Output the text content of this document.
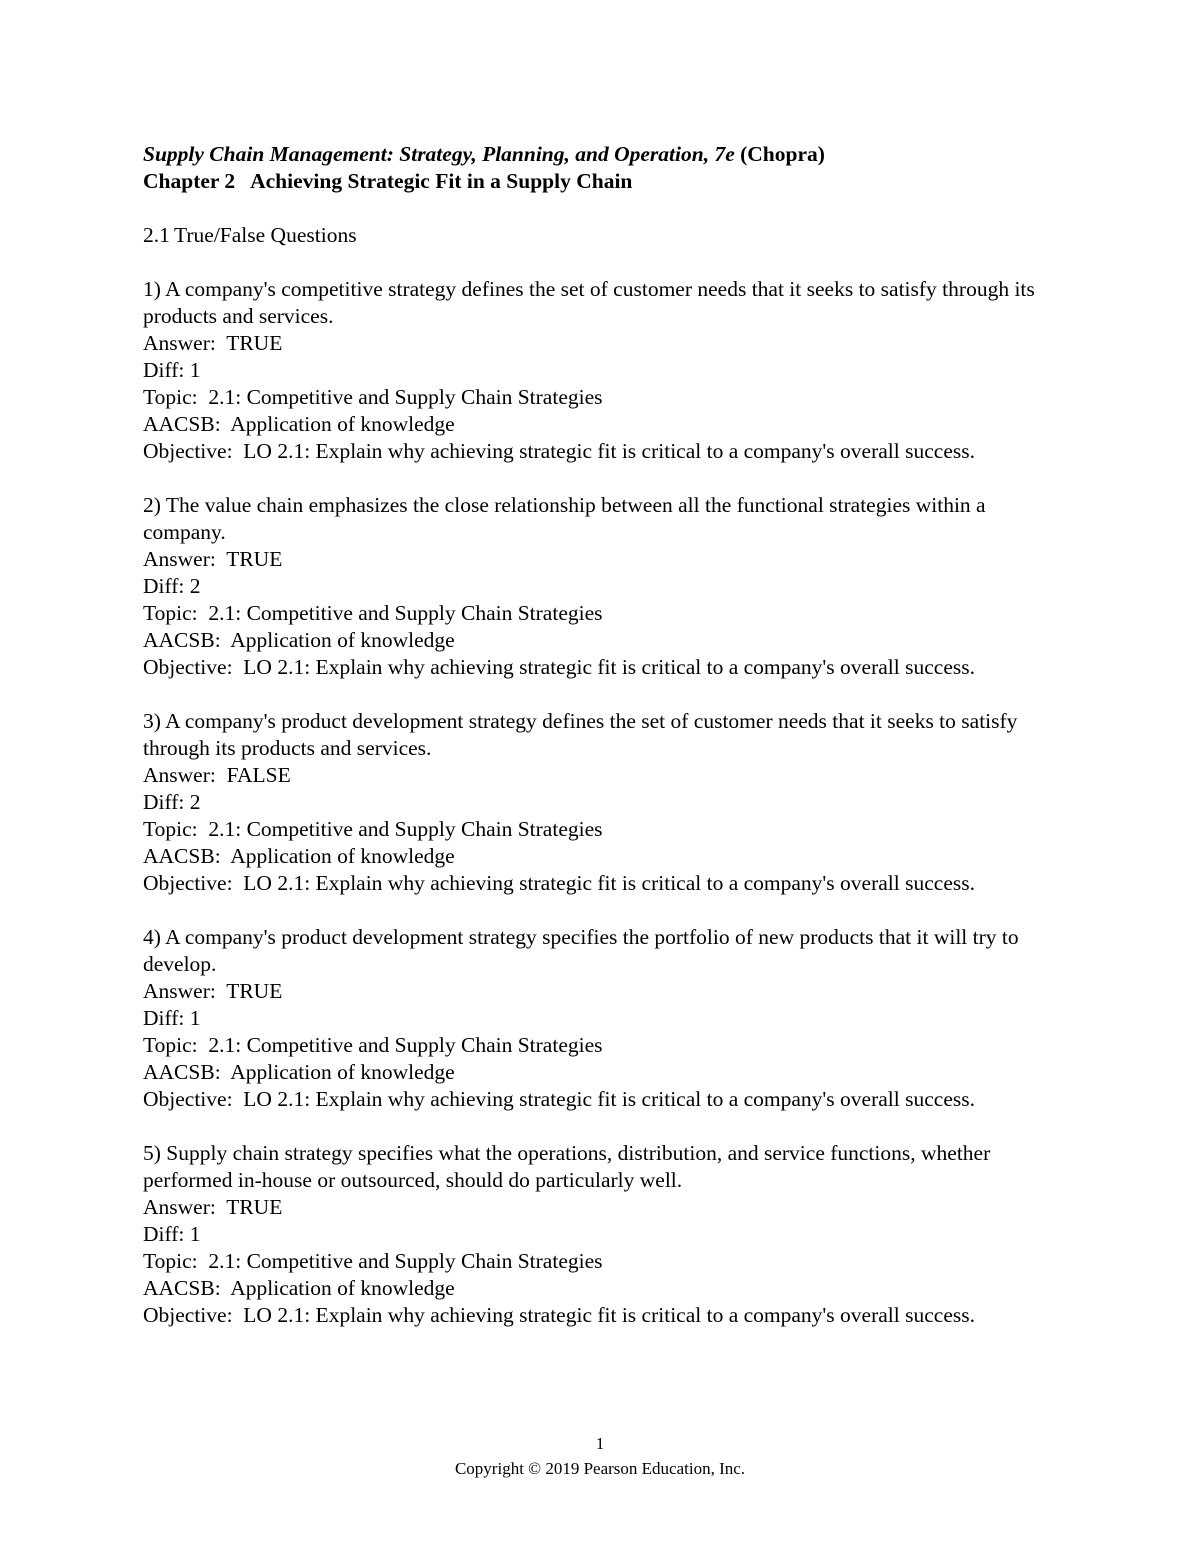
Supply Chain Management: Strategy, Planning, and Operation, 7e (Chopra)
Chapter 2   Achieving Strategic Fit in a Supply Chain
2.1 True/False Questions
1) A company's competitive strategy defines the set of customer needs that it seeks to satisfy through its products and services.
Answer:  TRUE
Diff: 1
Topic:  2.1: Competitive and Supply Chain Strategies
AACSB:  Application of knowledge
Objective:  LO 2.1: Explain why achieving strategic fit is critical to a company's overall success.
2) The value chain emphasizes the close relationship between all the functional strategies within a company.
Answer:  TRUE
Diff: 2
Topic:  2.1: Competitive and Supply Chain Strategies
AACSB:  Application of knowledge
Objective:  LO 2.1: Explain why achieving strategic fit is critical to a company's overall success.
3) A company's product development strategy defines the set of customer needs that it seeks to satisfy through its products and services.
Answer:  FALSE
Diff: 2
Topic:  2.1: Competitive and Supply Chain Strategies
AACSB:  Application of knowledge
Objective:  LO 2.1: Explain why achieving strategic fit is critical to a company's overall success.
4) A company's product development strategy specifies the portfolio of new products that it will try to develop.
Answer:  TRUE
Diff: 1
Topic:  2.1: Competitive and Supply Chain Strategies
AACSB:  Application of knowledge
Objective:  LO 2.1: Explain why achieving strategic fit is critical to a company's overall success.
5) Supply chain strategy specifies what the operations, distribution, and service functions, whether performed in-house or outsourced, should do particularly well.
Answer:  TRUE
Diff: 1
Topic:  2.1: Competitive and Supply Chain Strategies
AACSB:  Application of knowledge
Objective:  LO 2.1: Explain why achieving strategic fit is critical to a company's overall success.
1
Copyright © 2019 Pearson Education, Inc.
